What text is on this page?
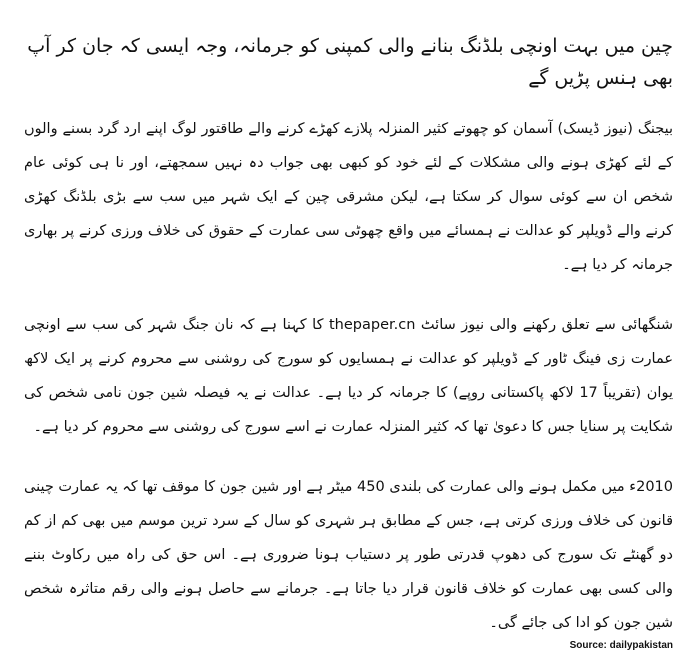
چین میں بہت اونچی بلڈنگ بنانے والی کمپنی کو جرمانہ، وجہ ایسی کہ جان کر آپ بھی ہنس پڑیں گے

بیجنگ (نیوز ڈیسک) آسمان کو چھوتے کثیر المنزلہ پلازے کھڑے کرنے والے طاقتور لوگ اپنے ارد گرد بسنے والوں کے لئے کھڑی ہونے والی مشکلات کے لئے خود کو کبھی بھی جواب دہ نہیں سمجھتے، اور نا ہی کوئی عام شخص ان سے کوئی سوال کر سکتا ہے، لیکن مشرقی چین کے ایک شہر میں سب سے بڑی بلڈنگ کھڑی کرنے والے ڈویلپر کو عدالت نے ہمسائے میں واقع چھوٹی سی عمارت کے حقوق کی خلاف ورزی کرنے پر بھاری جرمانہ کر دیا ہے۔

شنگھائی سے تعلق رکھنے والی نیوز سائٹ thepaper.cn کا کہنا ہے کہ نان جنگ شہر کی سب سے اونچی عمارت زی فینگ ٹاور کے ڈویلپر کو عدالت نے ہمسایوں کو سورج کی روشنی سے محروم کرنے پر ایک لاکھ یوان (تقریباً 17 لاکھ پاکستانی روپے) کا جرمانہ کر دیا ہے۔ عدالت نے یہ فیصلہ شین جون نامی شخص کی شکایت پر سنایا جس کا دعویٰ تھا کہ کثیر المنزلہ عمارت نے اسے سورج کی روشنی سے محروم کر دیا ہے۔

2010ء میں مکمل ہونے والی عمارت کی بلندی 450 میٹر ہے اور شین جون کا موقف تھا کہ یہ عمارت چینی قانون کی خلاف ورزی کرتی ہے، جس کے مطابق ہر شہری کو سال کے سرد ترین موسم میں بھی کم از کم دو گھنٹے تک سورج کی دھوپ قدرتی طور پر دستیاب ہونا ضروری ہے۔ اس حق کی راہ میں رکاوٹ بننے والی کسی بھی عمارت کو خلاف قانون قرار دیا جاتا ہے۔ جرمانے سے حاصل ہونے والی رقم متاثرہ شخص شین جون کو ادا کی جائے گی۔

Source: dailypakistan
